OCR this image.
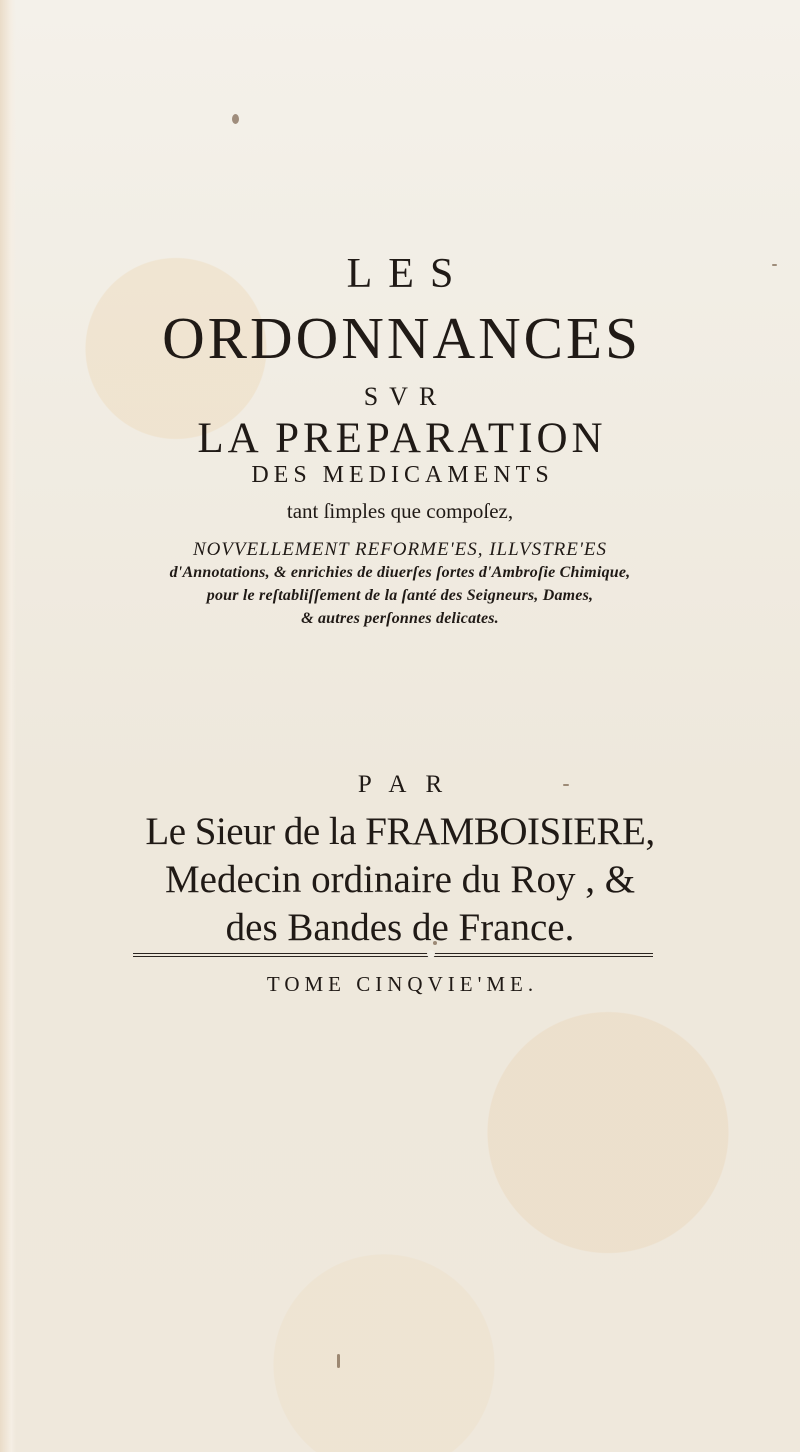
LES
ORDONNANCES
SVR
LA PREPARATION
DES MEDICAMENTS
tant ſimples que compoſez,
NOVVELLEMENT REFORME'ES, ILLVSTRE'ES
d'Annotations, & enrichies de diuerſes ſortes d'Ambroſie Chimique,
pour le reſtabliſſement de la ſanté des Seigneurs, Dames,
& autres perſonnes delicates.
PAR
Le Sieur de la FRAMBOISIERE,
Medecin ordinaire du Roy , &
des Bandes de France.
TOME CINQVIE'ME.
